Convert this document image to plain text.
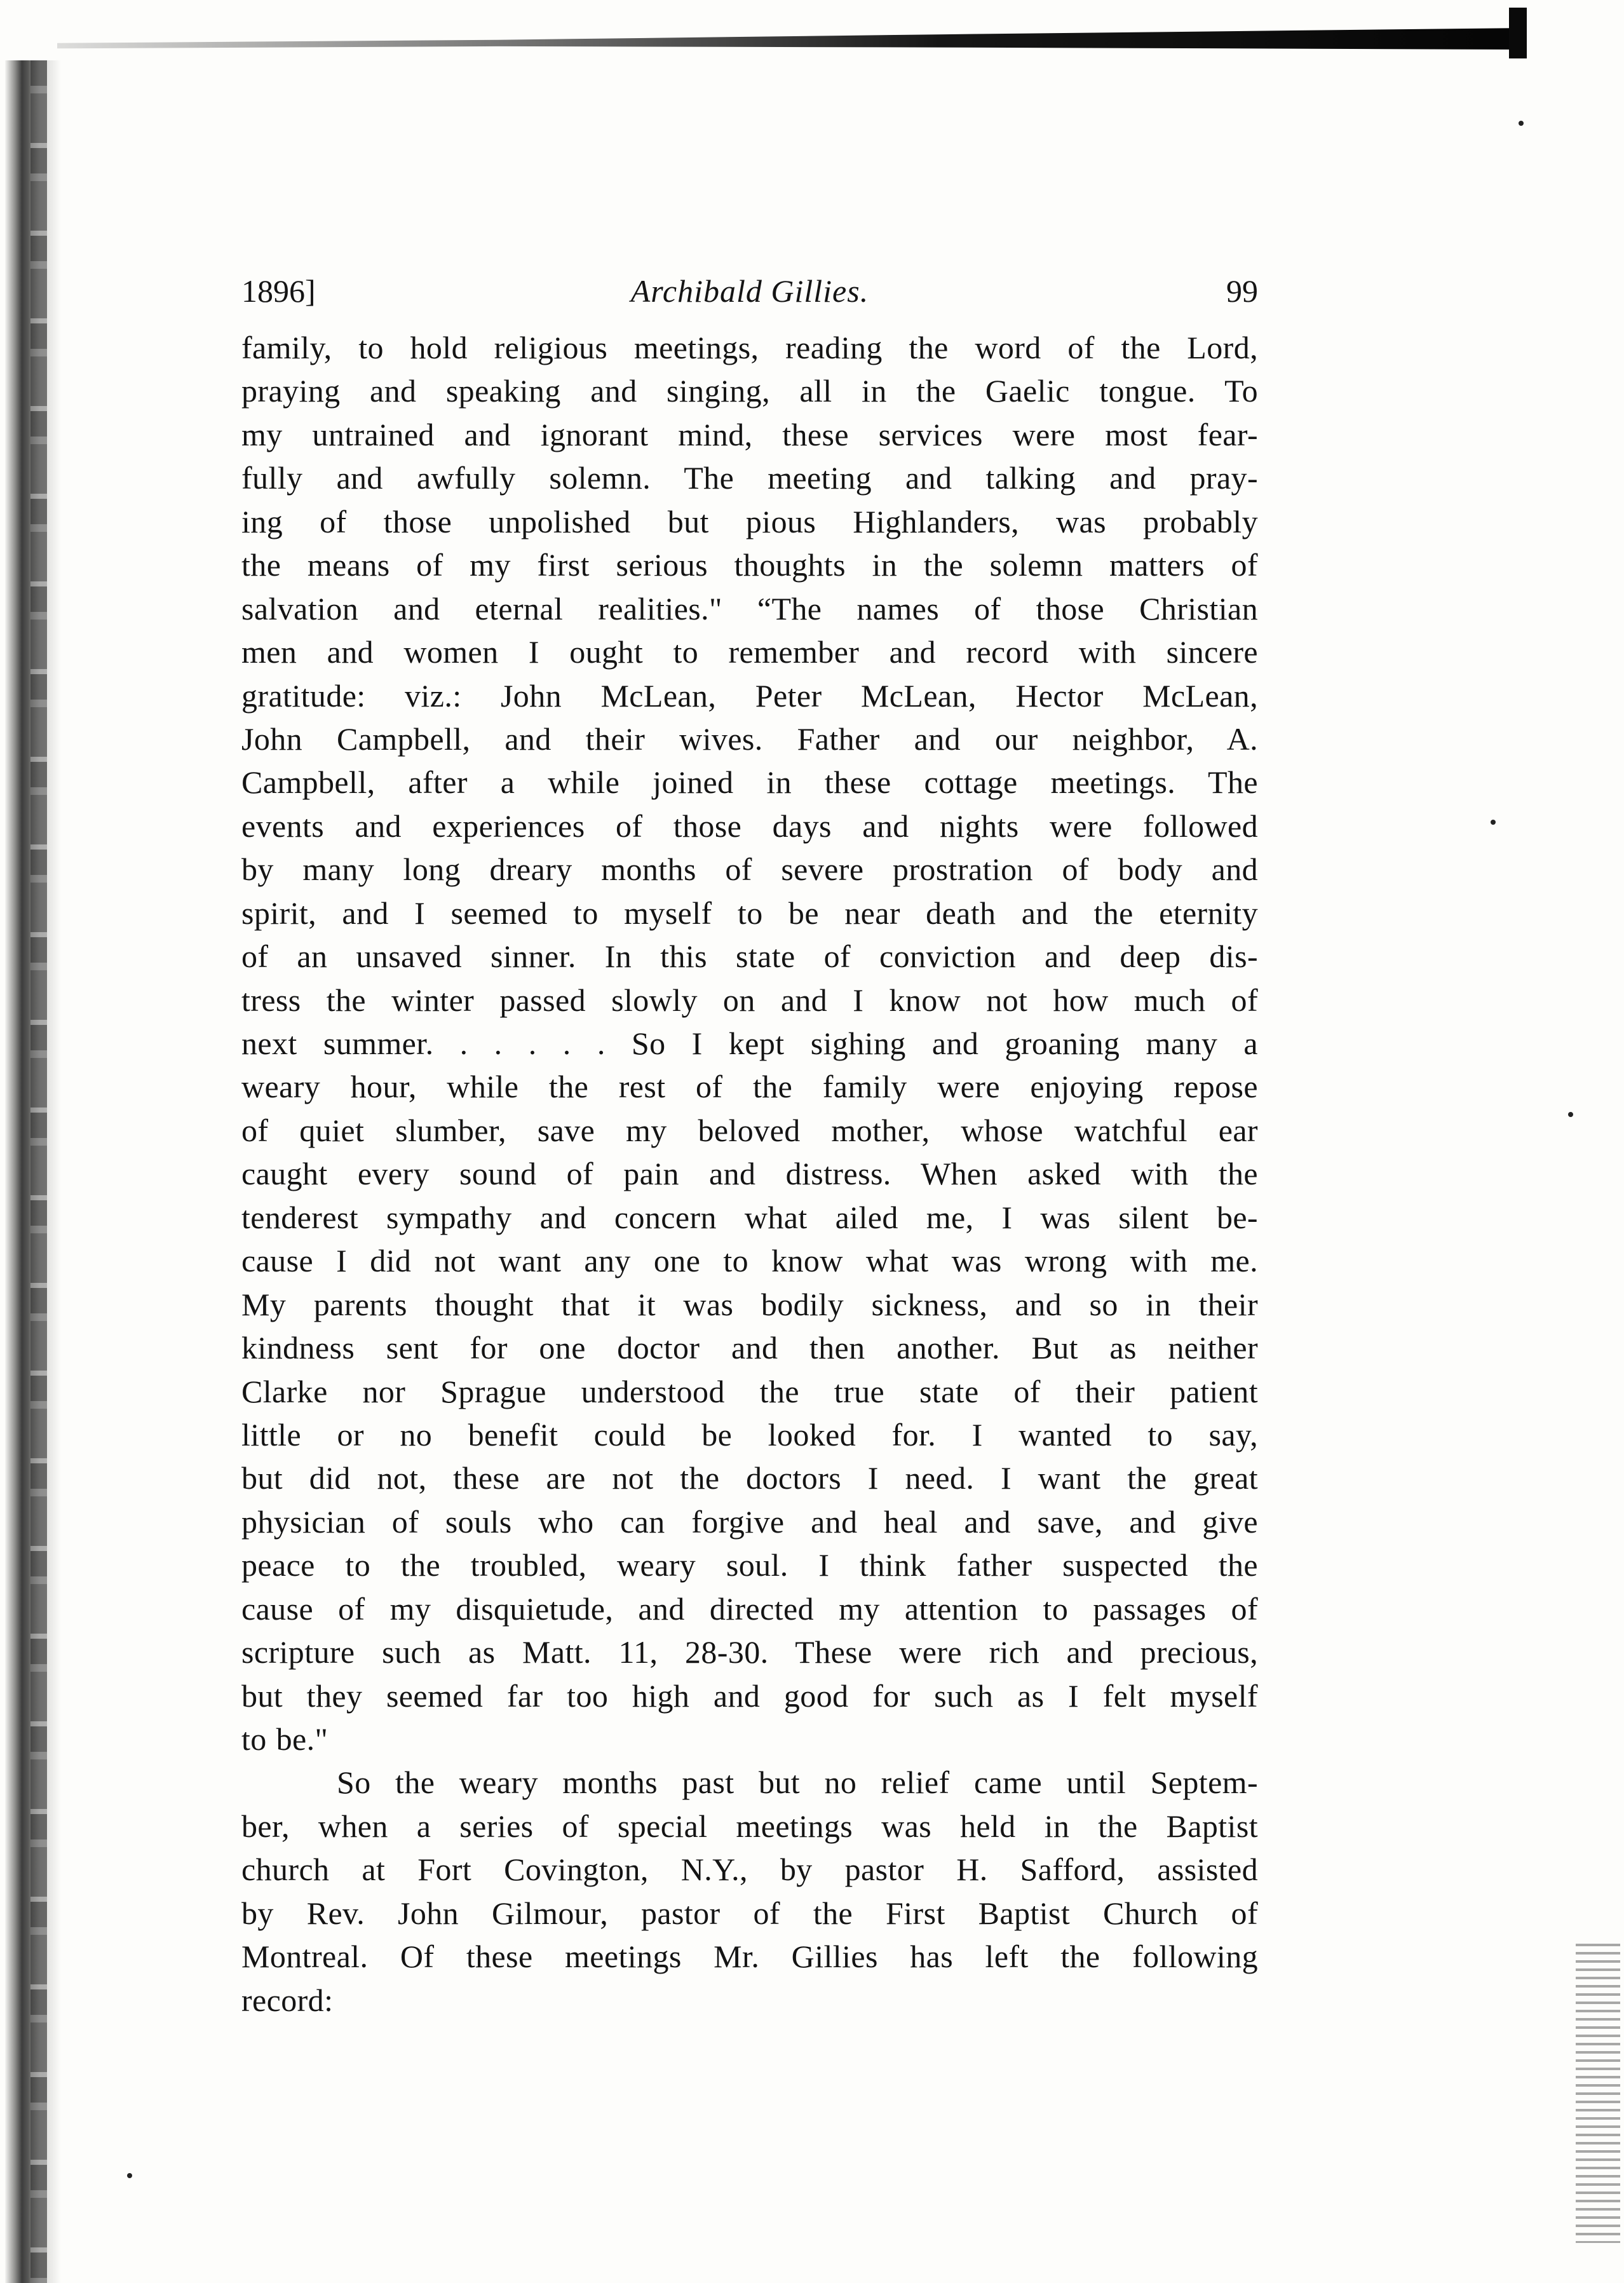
1896]	Archibald Gillies.	99
family, to hold religious meetings, reading the word of the Lord,
praying and speaking and singing, all in the Gaelic tongue. To
my untrained and ignorant mind, these services were most fear-
fully and awfully solemn. The meeting and talking and pray-
ing of those unpolished but pious Highlanders, was probably
the means of my first serious thoughts in the solemn matters of
salvation and eternal realities." “The names of those Christian
men and women I ought to remember and record with sincere
gratitude: viz.: John McLean, Peter McLean, Hector McLean,
John Campbell, and their wives. Father and our neighbor, A.
Campbell, after a while joined in these cottage meetings. The
events and experiences of those days and nights were followed
by many long dreary months of severe prostration of body and
spirit, and I seemed to myself to be near death and the eternity
of an unsaved sinner. In this state of conviction and deep dis-
tress the winter passed slowly on and I know not how much of
next summer. . . . . . So I kept sighing and groaning many a
weary hour, while the rest of the family were enjoying repose
of quiet slumber, save my beloved mother, whose watchful ear
caught every sound of pain and distress. When asked with the
tenderest sympathy and concern what ailed me, I was silent be-
cause I did not want any one to know what was wrong with me.
My parents thought that it was bodily sickness, and so in their
kindness sent for one doctor and then another. But as neither
Clarke nor Sprague understood the true state of their patient
little or no benefit could be looked for. I wanted to say,
but did not, these are not the doctors I need. I want the great
physician of souls who can forgive and heal and save, and give
peace to the troubled, weary soul. I think father suspected the
cause of my disquietude, and directed my attention to passages of
scripture such as Matt. 11, 28-30. These were rich and precious,
but they seemed far too high and good for such as I felt myself
to be."
So the weary months past but no relief came until Septem-
ber, when a series of special meetings was held in the Baptist
church at Fort Covington, N.Y., by pastor H. Safford, assisted
by Rev. John Gilmour, pastor of the First Baptist Church of
Montreal. Of these meetings Mr. Gillies has left the following
record:
